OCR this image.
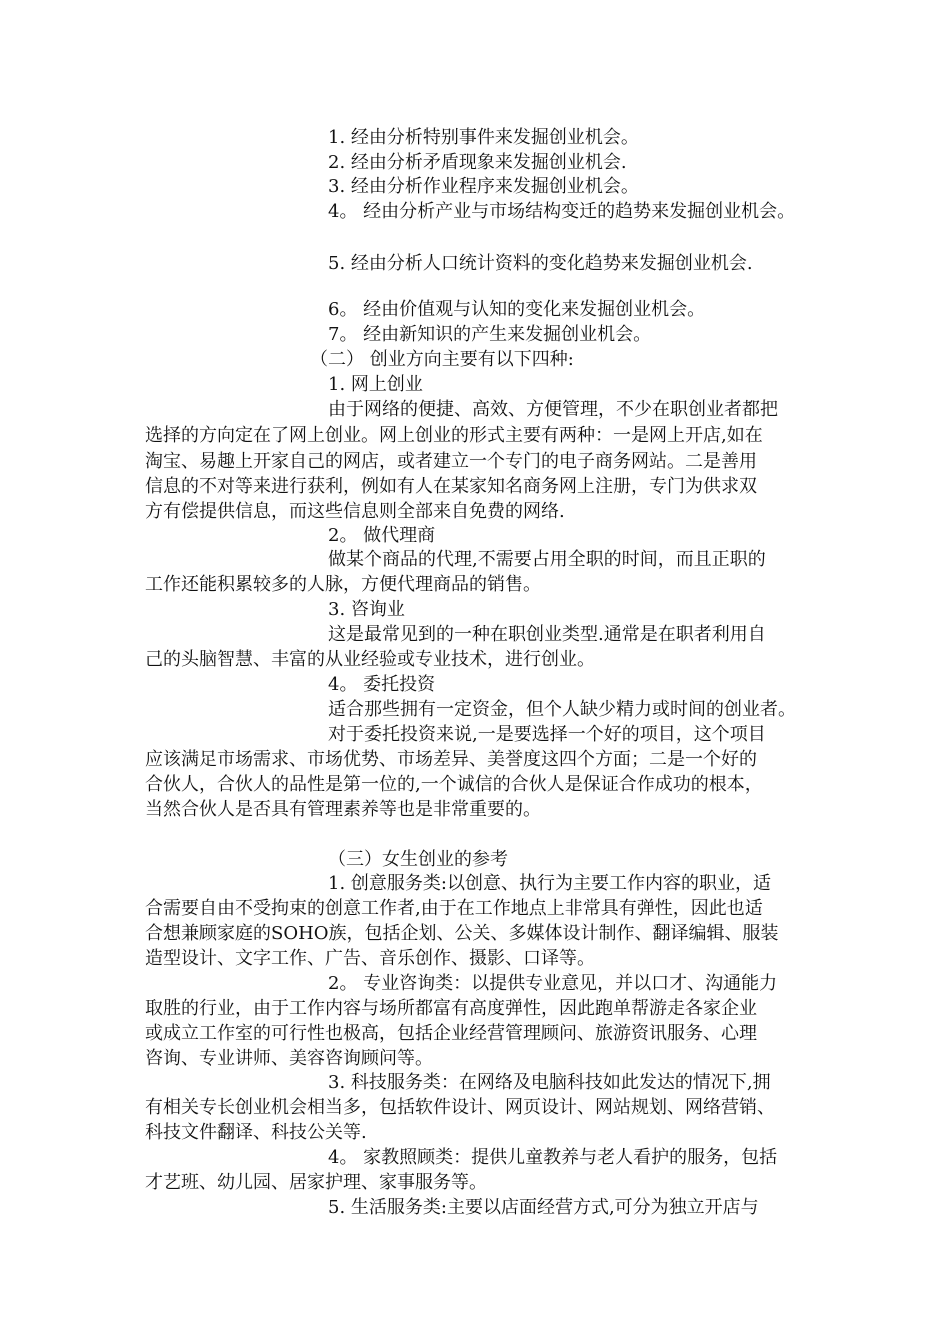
1. 经由分析特别事件来发掘创业机会。
2. 经由分析矛盾现象来发掘创业机会.
3. 经由分析作业程序来发掘创业机会。
4。 经由分析产业与市场结构变迁的趋势来发掘创业机会。
5. 经由分析人口统计资料的变化趋势来发掘创业机会.
6。 经由价值观与认知的变化来发掘创业机会。
7。 经由新知识的产生来发掘创业机会。
（二） 创业方向主要有以下四种:
1. 网上创业
由于网络的便捷、高效、方便管理，不少在职创业者都把
选择的方向定在了网上创业。网上创业的形式主要有两种：一是网上开店,如在
淘宝、易趣上开家自己的网店，或者建立一个专门的电子商务网站。二是善用
信息的不对等来进行获利，例如有人在某家知名商务网上注册，专门为供求双
方有偿提供信息，而这些信息则全部来自免费的网络.
2。 做代理商
做某个商品的代理,不需要占用全职的时间，而且正职的
工作还能积累较多的人脉，方便代理商品的销售。
3. 咨询业
这是最常见到的一种在职创业类型.通常是在职者利用自
己的头脑智慧、丰富的从业经验或专业技术，进行创业。
4。 委托投资
适合那些拥有一定资金，但个人缺少精力或时间的创业者。
对于委托投资来说,一是要选择一个好的项目，这个项目
应该满足市场需求、市场优势、市场差异、美誉度这四个方面；二是一个好的
合伙人，合伙人的品性是第一位的,一个诚信的合伙人是保证合作成功的根本，
当然合伙人是否具有管理素养等也是非常重要的。
（三）女生创业的参考
1. 创意服务类:以创意、执行为主要工作内容的职业，适
合需要自由不受拘束的创意工作者,由于在工作地点上非常具有弹性，因此也适
合想兼顾家庭的SOHO族，包括企划、公关、多媒体设计制作、翻译编辑、服装
造型设计、文字工作、广告、音乐创作、摄影、口译等。
2。 专业咨询类：以提供专业意见，并以口才、沟通能力
取胜的行业，由于工作内容与场所都富有高度弹性，因此跑单帮游走各家企业
或成立工作室的可行性也极高，包括企业经营管理顾问、旅游资讯服务、心理
咨询、专业讲师、美容咨询顾问等。
3. 科技服务类：在网络及电脑科技如此发达的情况下,拥
有相关专长创业机会相当多，包括软件设计、网页设计、网站规划、网络营销、
科技文件翻译、科技公关等.
4。 家教照顾类：提供儿童教养与老人看护的服务，包括
才艺班、幼儿园、居家护理、家事服务等。
5. 生活服务类:主要以店面经营方式,可分为独立开店与
